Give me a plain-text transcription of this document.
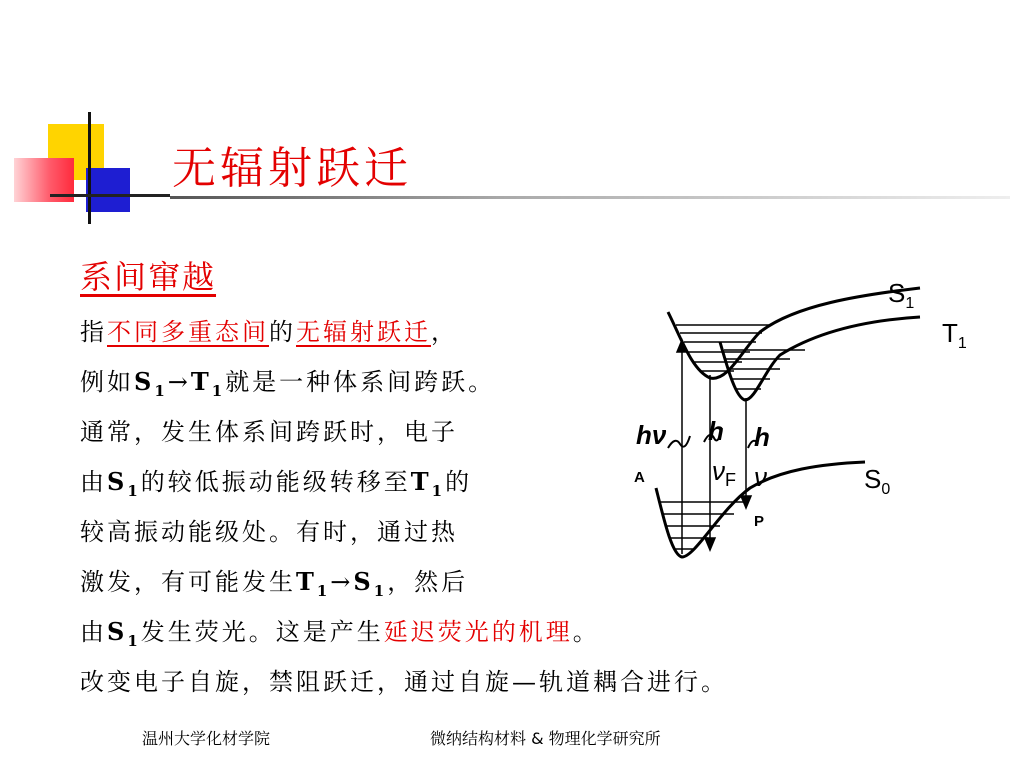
无辐射跃迁
系间窜越
指不同多重态间的无辐射跃迁，
例如$S_1\to T_1$就是一种体系间跨跃。
通常，发生体系间跨跃时，电子
由$S_1$的较低振动能级转移至$T_1$的
较高振动能级处。有时，通过热
激发，有可能发生$T_1\to S_1$，然后
由$S_1$发生荧光。这是产生延迟荧光的机理。
改变电子自旋，禁阻跃迁，通过自旋—轨道耦合进行。
$S_1$
$T_1$
$S_0$
hν h h
$\nu_F$ ν
A
P
温州大学化材学院	微纳结构材料 & 物理化学研究所
